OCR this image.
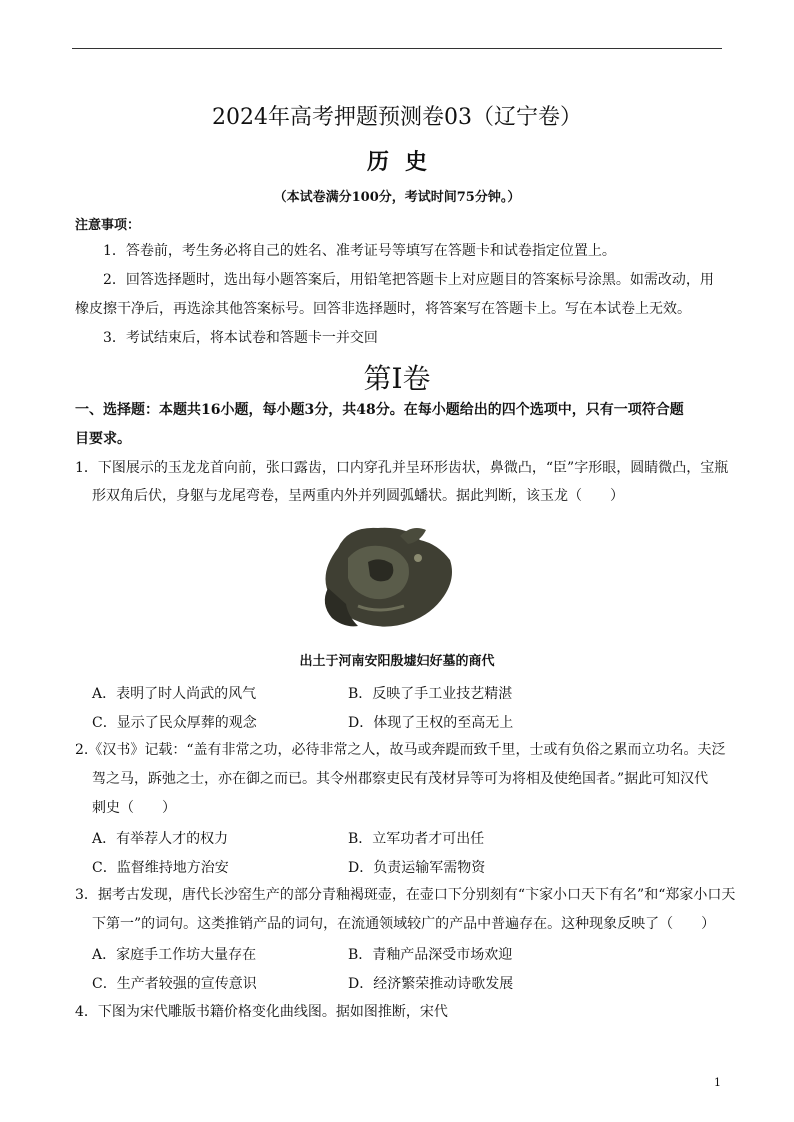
2024年高考押题预测卷03（辽宁卷）
历史
（本试卷满分100分，考试时间75分钟。）
注意事项：
1．答卷前，考生务必将自己的姓名、准考证号等填写在答题卡和试卷指定位置上。
2．回答选择题时，选出每小题答案后，用铅笔把答题卡上对应题目的答案标号涂黑。如需改动，用
橡皮擦干净后，再选涂其他答案标号。回答非选择题时，将答案写在答题卡上。写在本试卷上无效。
3．考试结束后，将本试卷和答题卡一并交回
第Ⅰ卷
一、选择题：本题共16小题，每小题3分，共48分。在每小题给出的四个选项中，只有一项符合题
目要求。
1．下图展示的玉龙龙首向前，张口露齿，口内穿孔并呈环形齿状，鼻微凸，“臣”字形眼，圆睛微凸，宝瓶
形双角后伏，身躯与龙尾弯卷，呈两重内外并列圆弧蟠状。据此判断，该玉龙（　　）
出土于河南安阳殷墟妇好墓的商代
A．表明了时人尚武的风气	B．反映了手工业技艺精湛
C．显示了民众厚葬的观念	D．体现了王权的至高无上
2.《汉书》记载：“盖有非常之功，必待非常之人，故马或奔踶而致千里，士或有负俗之累而立功名。夫泛
驾之马，跅弛之士，亦在御之而已。其令州郡察吏民有茂材异等可为将相及使绝国者。”据此可知汉代
刺史（　　）
A．有举荐人才的权力	B．立军功者才可出任
C．监督维持地方治安	D．负责运输军需物资
3．据考古发现，唐代长沙窑生产的部分青釉褐斑壶，在壶口下分别刻有“卞家小口天下有名”和“郑家小口天
下第一”的词句。这类推销产品的词句，在流通领域较广的产品中普遍存在。这种现象反映了（　　）
A．家庭手工作坊大量存在	B．青釉产品深受市场欢迎
C．生产者较强的宣传意识	D．经济繁荣推动诗歌发展
4．下图为宋代雕版书籍价格变化曲线图。据如图推断，宋代
1
